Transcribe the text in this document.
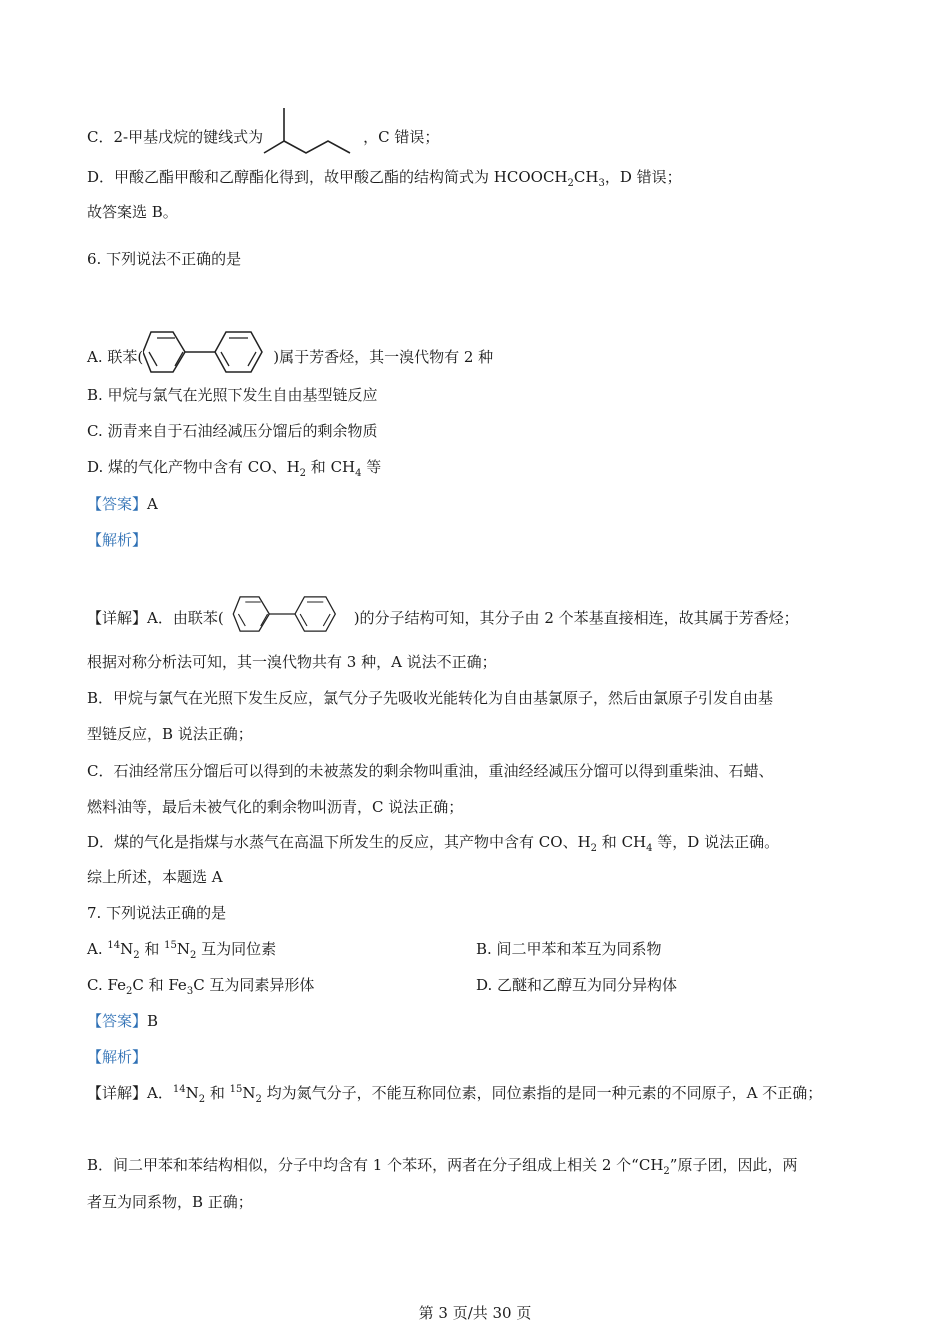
C．2-甲基戊烷的键线式为	，C 错误；
D．甲酸乙酯甲酸和乙醇酯化得到，故甲酸乙酯的结构简式为 $HCOOCH_2CH_3$，D 错误；
故答案选 B。
6. 下列说法不正确的是
A. 联苯(	)属于芳香烃，其一溴代物有 2 种
B. 甲烷与氯气在光照下发生自由基型链反应
C. 沥青来自于石油经减压分馏后的剩余物质
D. 煤的气化产物中含有 CO、$H_2$ 和 $CH_4$ 等
【答案】A
【解析】
【详解】A．由联苯(	)的分子结构可知，其分子由 2 个苯基直接相连，故其属于芳香烃；
根据对称分析法可知，其一溴代物共有 3 种，A 说法不正确；
B．甲烷与氯气在光照下发生反应，氯气分子先吸收光能转化为自由基氯原子，然后由氯原子引发自由基
型链反应，B 说法正确；
C．石油经常压分馏后可以得到的未被蒸发的剩余物叫重油，重油经经减压分馏可以得到重柴油、石蜡、
燃料油等，最后未被气化的剩余物叫沥青，C 说法正确；
D．煤的气化是指煤与水蒸气在高温下所发生的反应，其产物中含有 CO、$H_2$ 和 $CH_4$ 等，D 说法正确。
综上所述，本题选 A
7. 下列说法正确的是
A. $^{14}N_2$ 和 $^{15}N_2$ 互为同位素	B. 间二甲苯和苯互为同系物
C. $Fe_2C$ 和 $Fe_3C$ 互为同素异形体	D. 乙醚和乙醇互为同分异构体
【答案】B
【解析】
【详解】A．$^{14}N_2$ 和 $^{15}N_2$ 均为氮气分子，不能互称同位素，同位素指的是同一种元素的不同原子，A 不正确；
B．间二甲苯和苯结构相似，分子中均含有 1 个苯环，两者在分子组成上相关 2 个“$CH_2$”原子团，因此，两
者互为同系物，B 正确；
第 3 页/共 30 页
